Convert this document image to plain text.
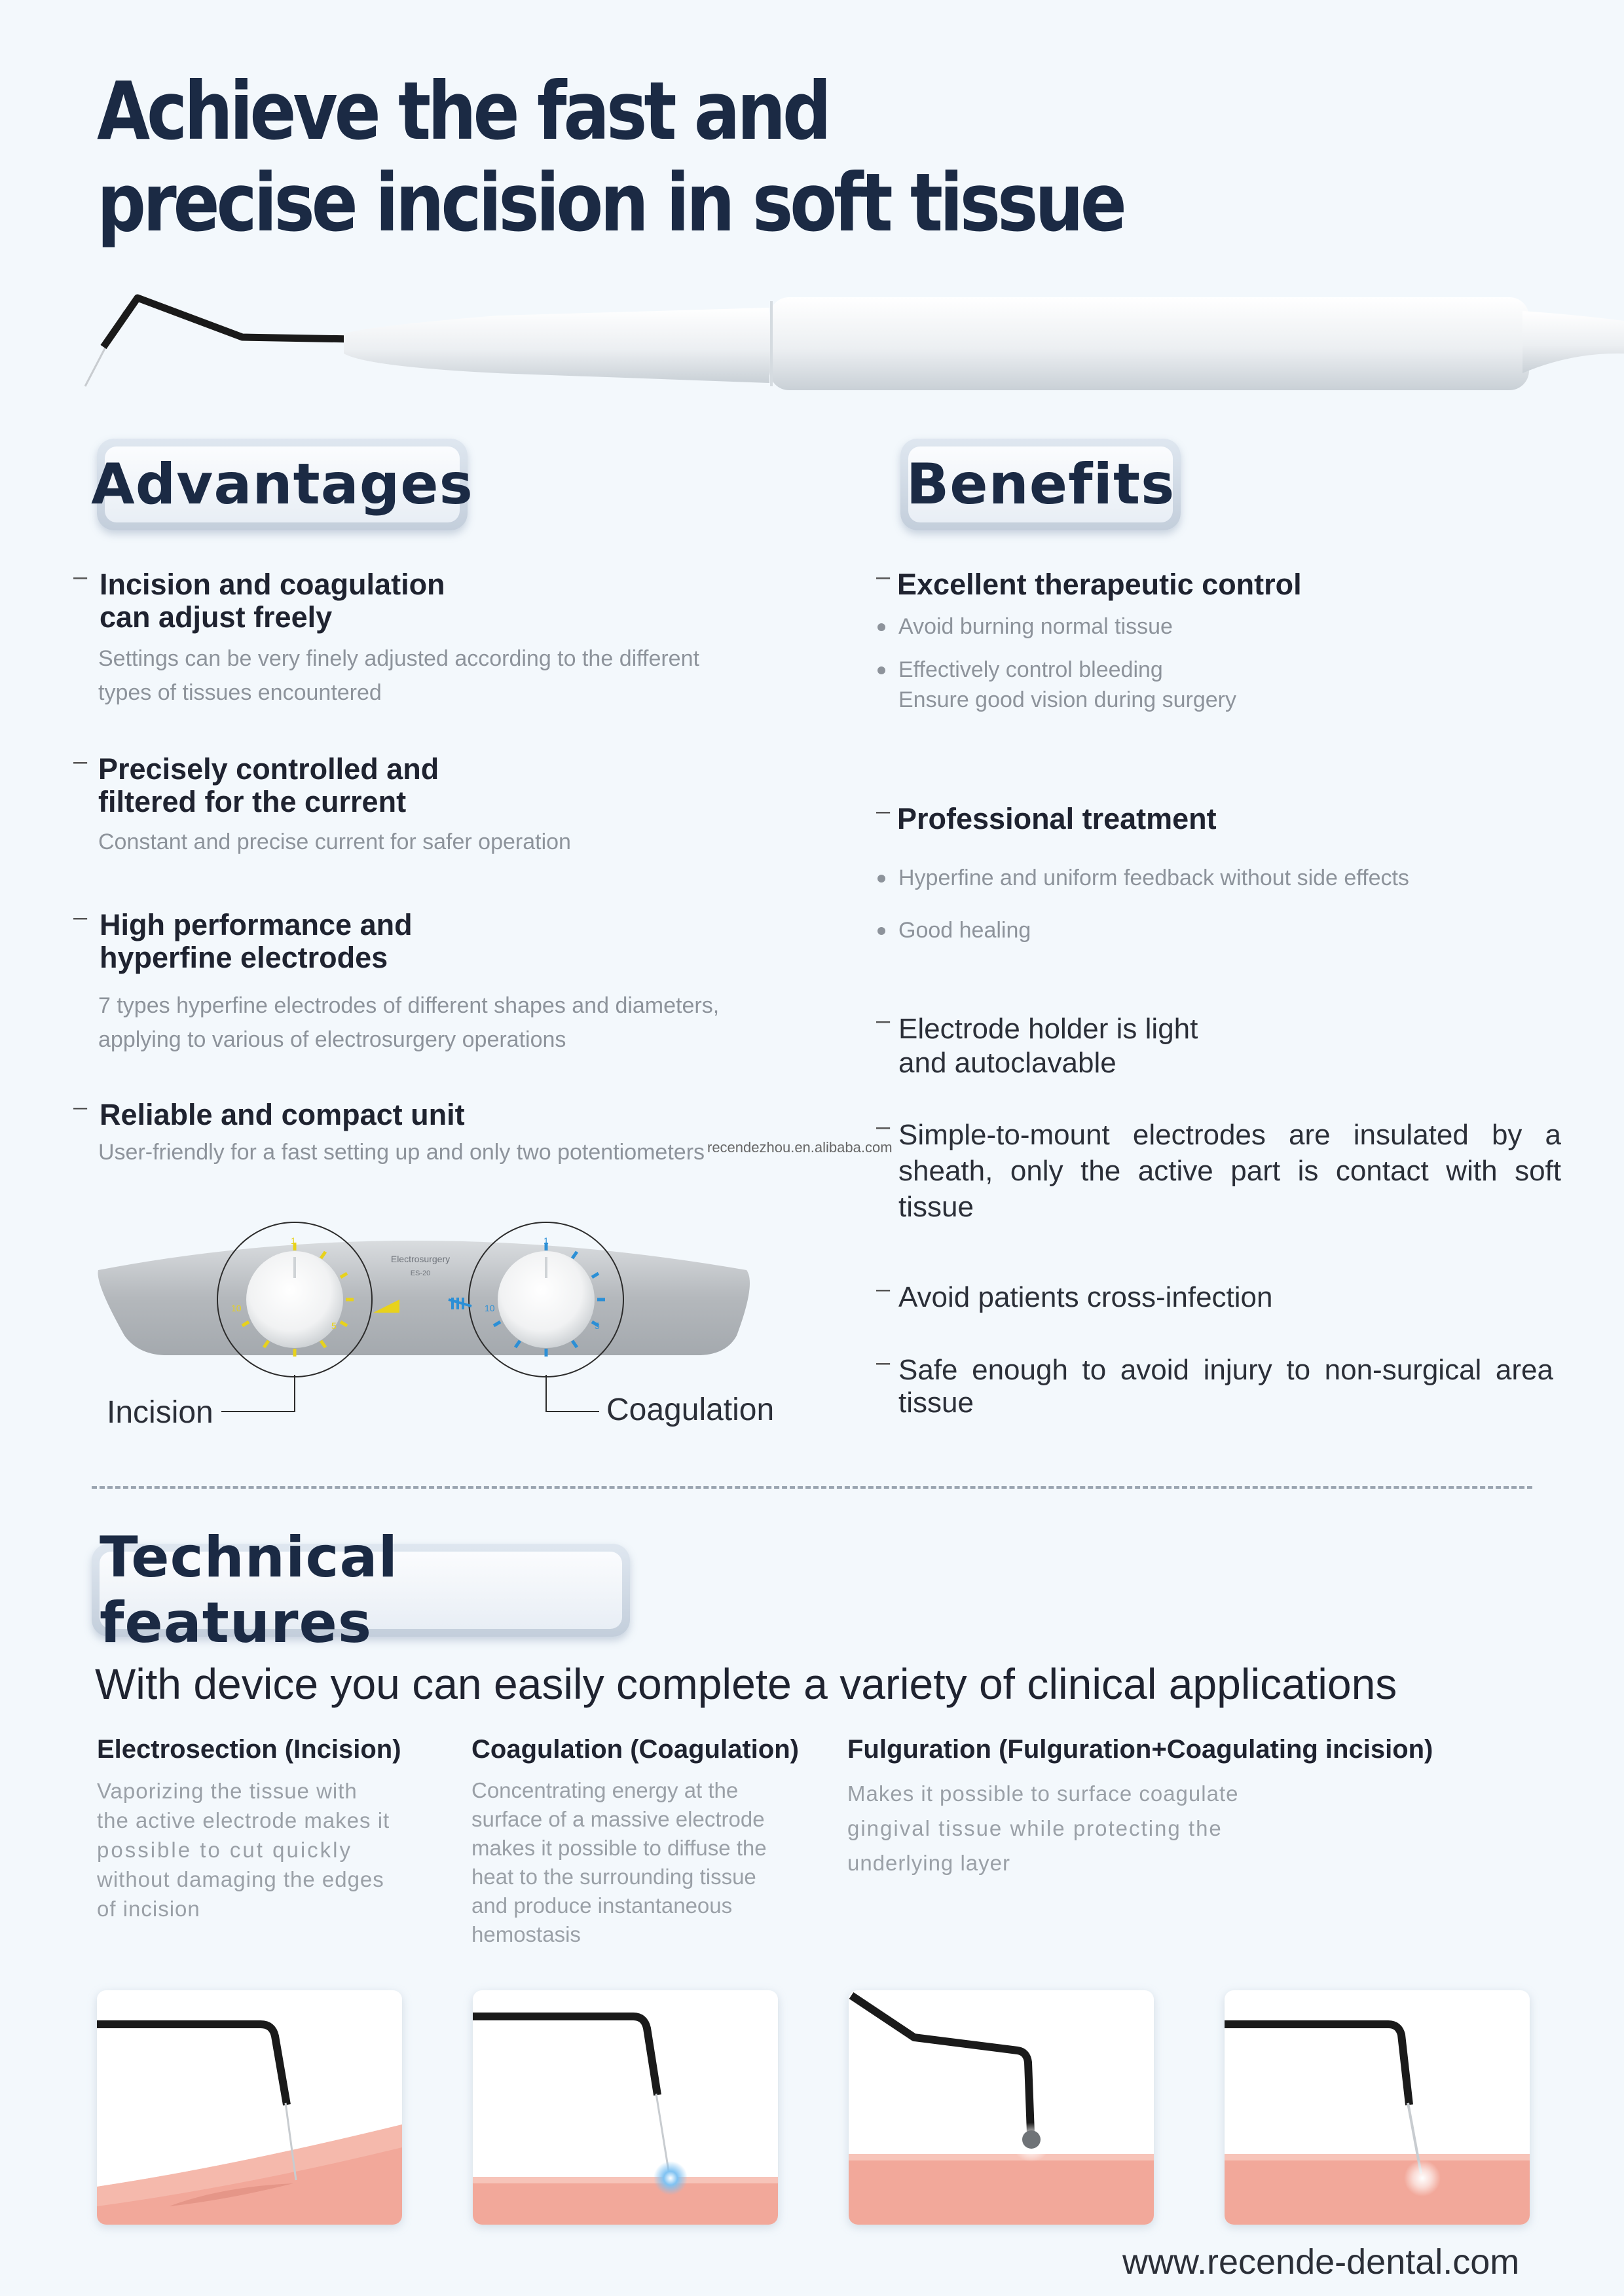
Achieve the fast and
precise incision in soft tissue
Advantages	Benefits
– Incision and coagulation
can adjust freely
Settings can be very finely adjusted according to the different
types of tissues encountered
– Precisely controlled and
filtered for the current
Constant and precise current for safer operation
– High performance and
hyperfine electrodes
7 types hyperfine electrodes of different shapes and diameters,
applying to various of electrosurgery operations
– Reliable and compact unit
User-friendly for a fast setting up and only two potentiometers recendezhou.en.alibaba.com
– Excellent therapeutic control
Avoid burning normal tissue
Effectively control bleeding
Ensure good vision during surgery
– Professional treatment
Hyperfine and uniform feedback without side effects
Good healing
– Electrode holder is light
and autoclavable
– Simple-to-mount electrodes are insulated by a sheath, only the active part is contact with soft tissue
– Avoid patients cross-infection
– Safe enough to avoid injury to non-surgical area tissue
1
5
10
1
5
10
Electrosurgery
ES-20
Incision	Coagulation
Technical features
With device you can easily complete a variety of clinical applications
Electrosection (Incision)
Vaporizing the tissue with
the active electrode makes it
possible to cut quickly
without damaging the edges
of incision
Coagulation (Coagulation)
Concentrating energy at the
surface of a massive electrode
makes it possible to diffuse the
heat to the surrounding tissue
and produce instantaneous
hemostasis
Fulguration (Fulguration+Coagulating incision)
Makes it possible to surface coagulate
gingival tissue while protecting the
underlying layer
www.recende-dental.com
